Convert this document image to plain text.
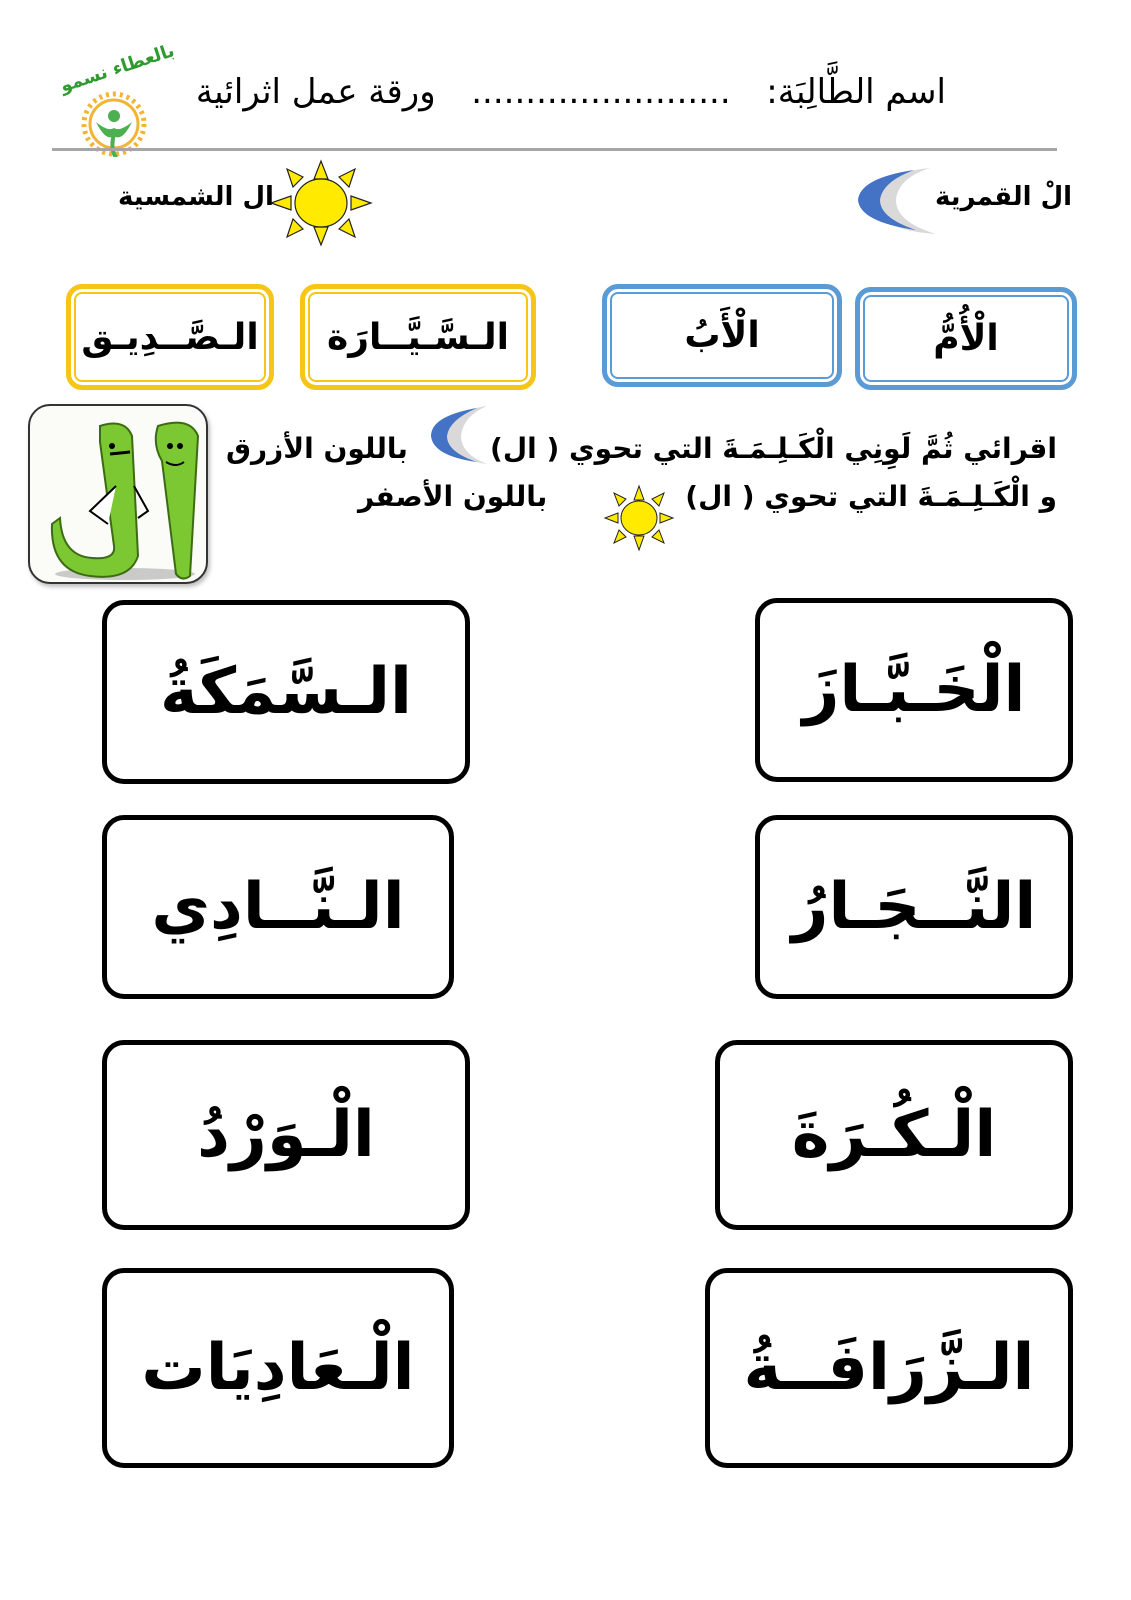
اسم الطَّالِبَة:  ........................  ورقة عمل اثرائية
بالعطاء نسمو
ال الشمسية	الْ القمرية
الْأُمُّ
الْأَبُ
الـسَّـيَّــارَة
الـصَّــدِيـق
اقرائي ثُمَّ لَوِنِي الْكَـلِـمَـةَ التي تحوي ( ال)
باللون الأزرق
و الْكَـلِـمَـةَ التي تحوي ( ال)
باللون الأصفر
الْخَـبَّـازَ
النَّــجَـارُ
الْـكُـرَةَ
الـزَّرَافَــةُ
الـسَّمَكَةُ
الـنَّــادِي
الْـوَرْدُ
الْـعَادِيَات
